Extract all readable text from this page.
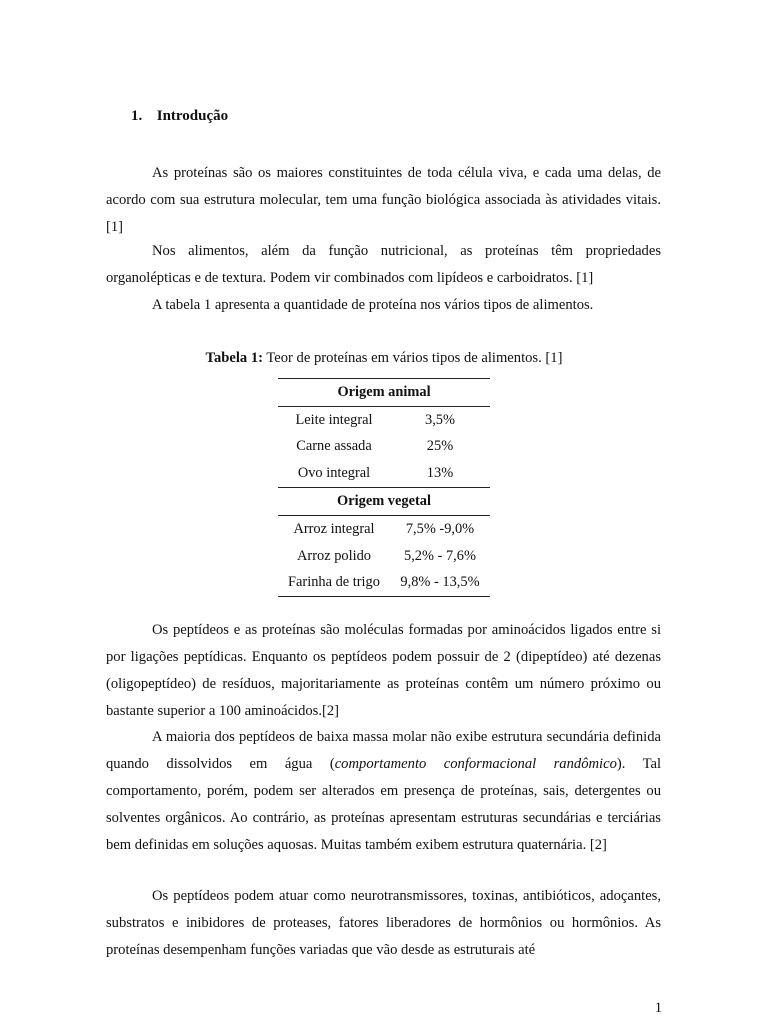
1. Introdução

As proteínas são os maiores constituintes de toda célula viva, e cada uma delas, de acordo com sua estrutura molecular, tem uma função biológica associada às atividades vitais. [1]

Nos alimentos, além da função nutricional, as proteínas têm propriedades organolépticas e de textura. Podem vir combinados com lipídeos e carboidratos. [1]

A tabela 1 apresenta a quantidade de proteína nos vários tipos de alimentos.

Tabela 1: Teor de proteínas em vários tipos de alimentos. [1]
Origem animal	
Leite integral	3,5%
Carne assada	25%
Ovo integral	13%
Origem vegetal	
Arroz integral	7,5% -9,0%
Arroz polido	5,2% - 7,6%
Farinha de trigo	9,8% - 13,5%

Os peptídeos e as proteínas são moléculas formadas por aminoácidos ligados entre si por ligações peptídicas. Enquanto os peptídeos podem possuir de 2 (dipeptídeo) até dezenas (oligopeptídeo) de resíduos, majoritariamente as proteínas contêm um número próximo ou bastante superior a 100 aminoácidos.[2]

A maioria dos peptídeos de baixa massa molar não exibe estrutura secundária definida quando dissolvidos em água (comportamento conformacional randômico). Tal comportamento, porém, podem ser alterados em presença de proteínas, sais, detergentes ou solventes orgânicos. Ao contrário, as proteínas apresentam estruturas secundárias e terciárias bem definidas em soluções aquosas. Muitas também exibem estrutura quaternária. [2]

Os peptídeos podem atuar como neurotransmissores, toxinas, antibióticos, adoçantes, substratos e inibidores de proteases, fatores liberadores de hormônios ou hormônios. As proteínas desempenham funções variadas que vão desde as estruturais até

1
